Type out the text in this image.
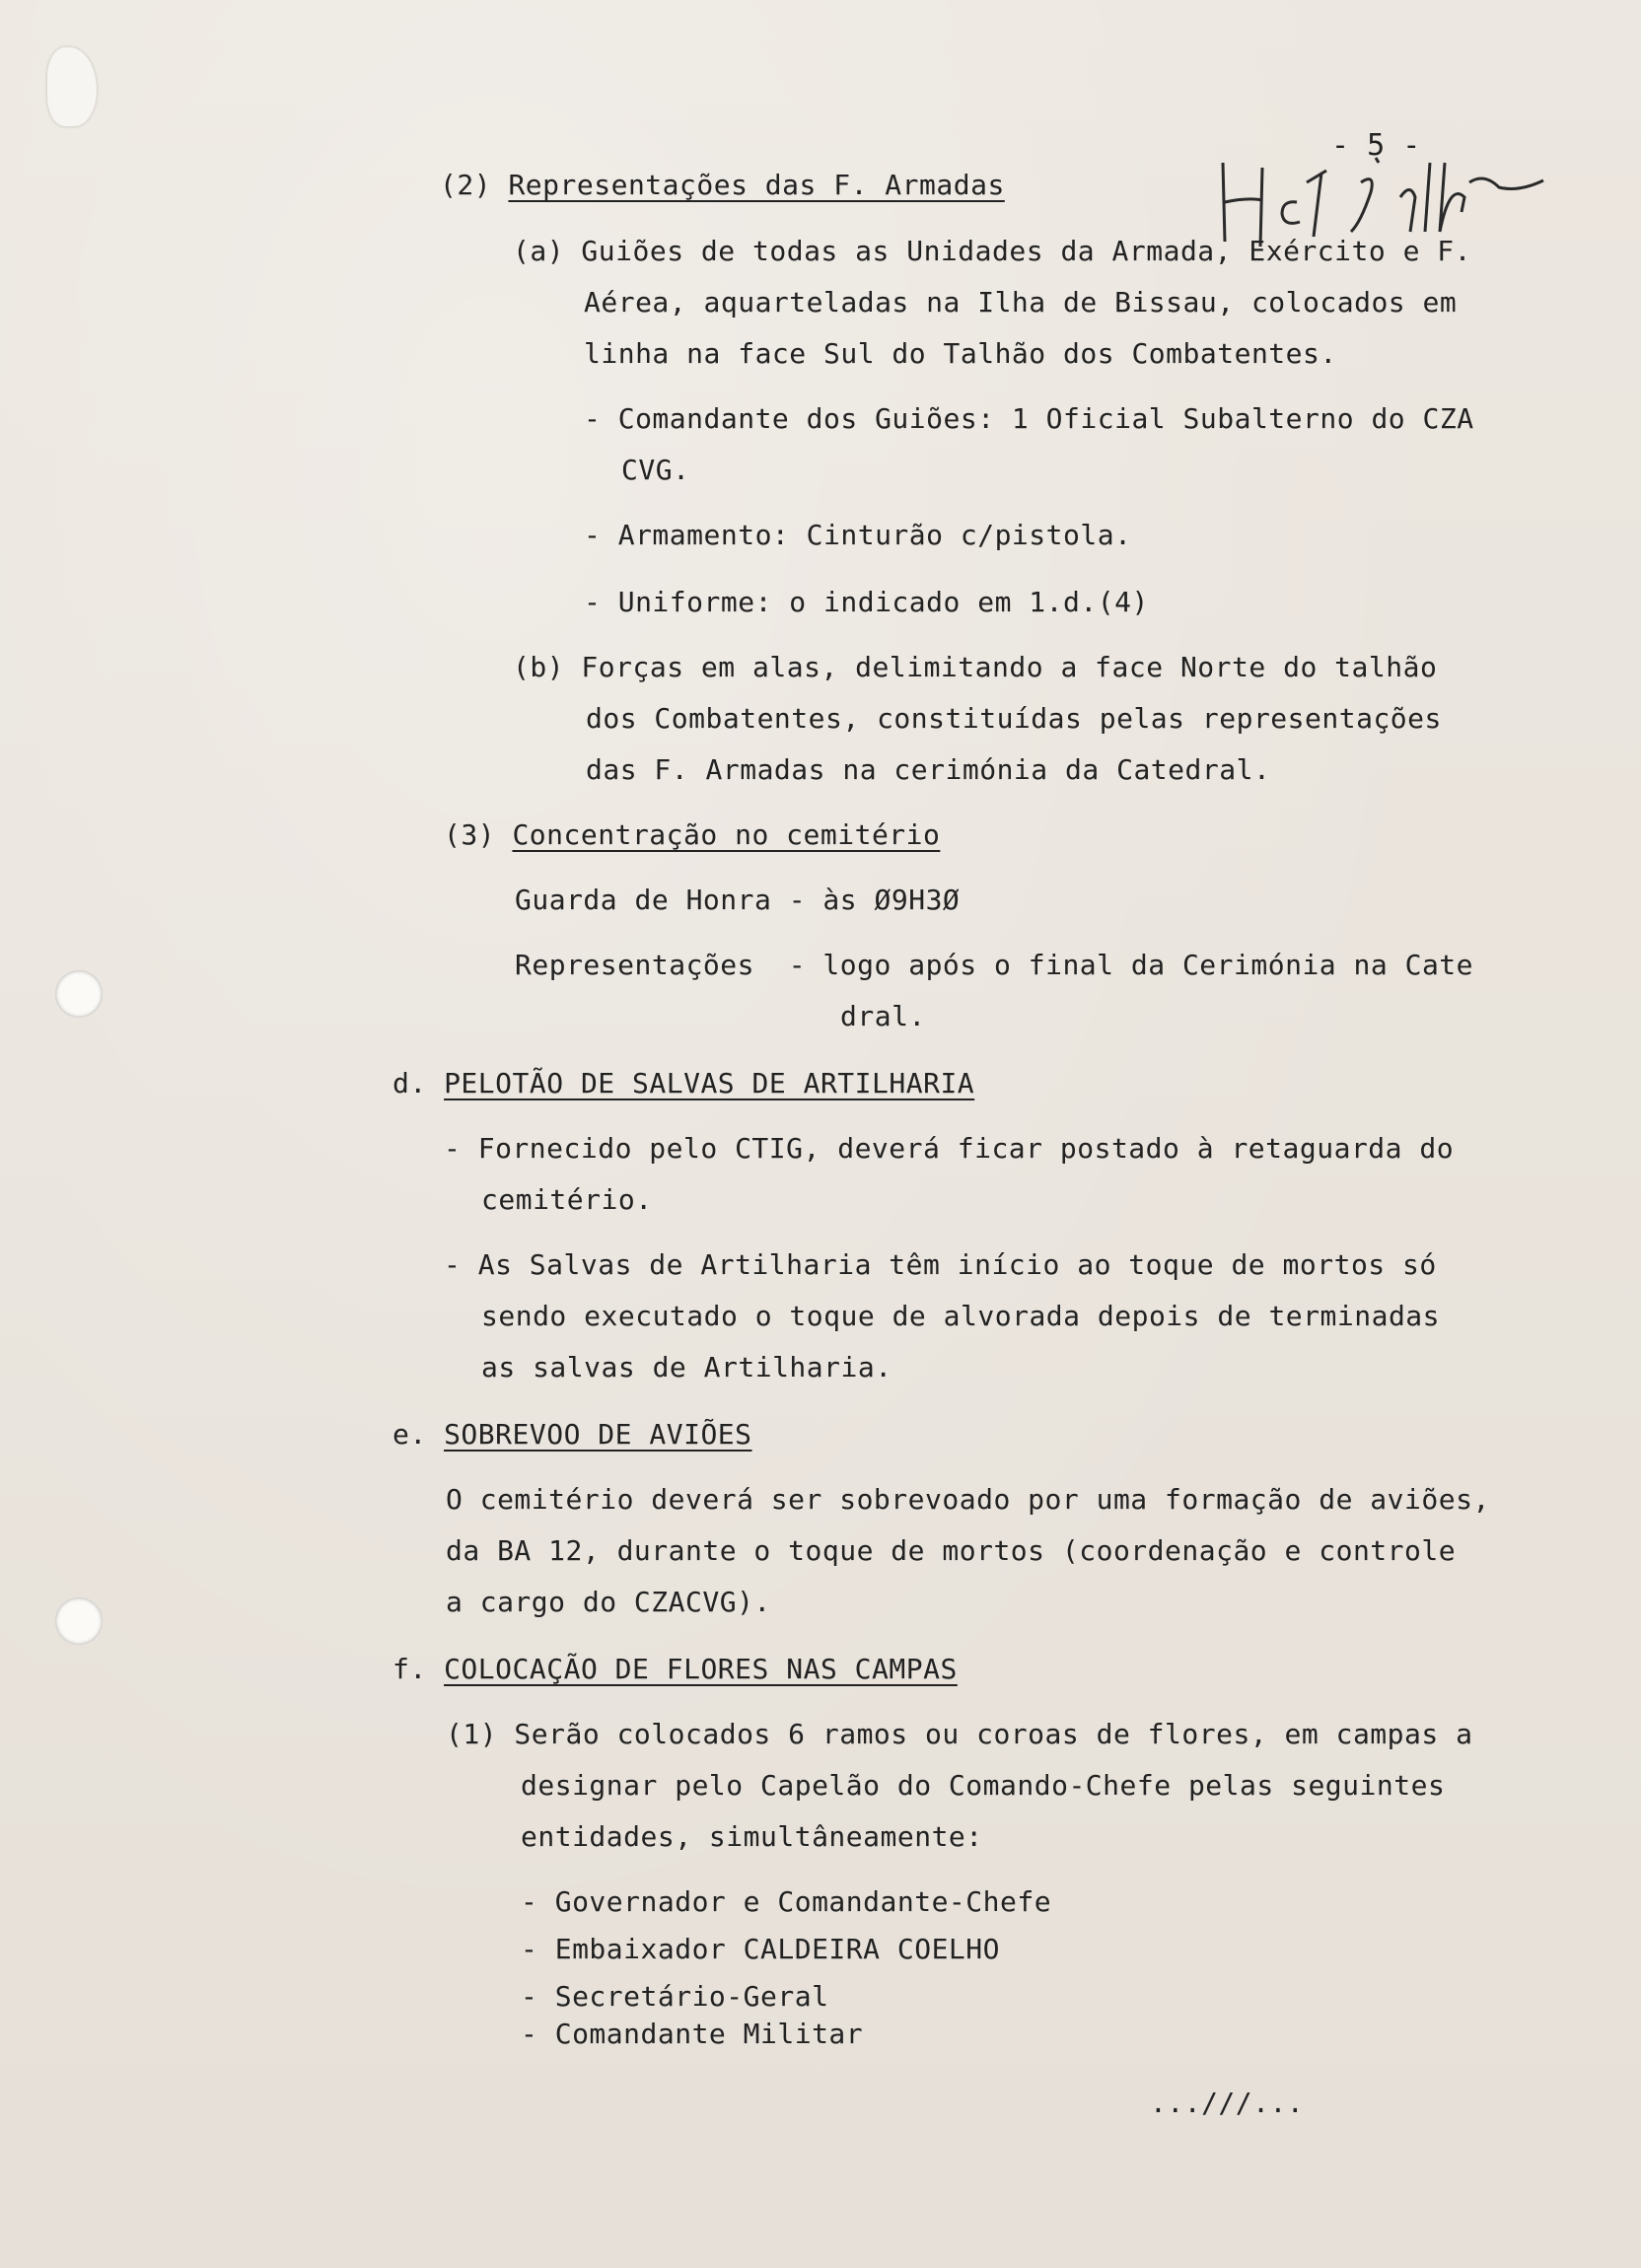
- 5 -
(2) Representações das F. Armadas
(a) Guiões de todas as Unidades da Armada, Exército e F.
Aérea, aquarteladas na Ilha de Bissau, colocados em
linha na face Sul do Talhão dos Combatentes.
- Comandante dos Guiões: 1 Oficial Subalterno do CZA
CVG.
- Armamento: Cinturão c/pistola.
- Uniforme: o indicado em 1.d.(4)
(b) Forças em alas, delimitando a face Norte do talhão
dos Combatentes, constituídas pelas representações
das F. Armadas na cerimónia da Catedral.
(3) Concentração no cemitério
Guarda de Honra - às Ø9H3Ø
Representações  - logo após o final da Cerimónia na Cate
dral.
d. PELOTÃO DE SALVAS DE ARTILHARIA
- Fornecido pelo CTIG, deverá ficar postado à retaguarda do
cemitério.
- As Salvas de Artilharia têm início ao toque de mortos só
sendo executado o toque de alvorada depois de terminadas
as salvas de Artilharia.
e. SOBREVOO DE AVIÕES
O cemitério deverá ser sobrevoado por uma formação de aviões,
da BA 12, durante o toque de mortos (coordenação e controle
a cargo do CZACVG).
f. COLOCAÇÃO DE FLORES NAS CAMPAS
(1) Serão colocados 6 ramos ou coroas de flores, em campas a
designar pelo Capelão do Comando-Chefe pelas seguintes
entidades, simultâneamente:
- Governador e Comandante-Chefe
- Embaixador CALDEIRA COELHO
- Secretário-Geral
- Comandante Militar
...///...
